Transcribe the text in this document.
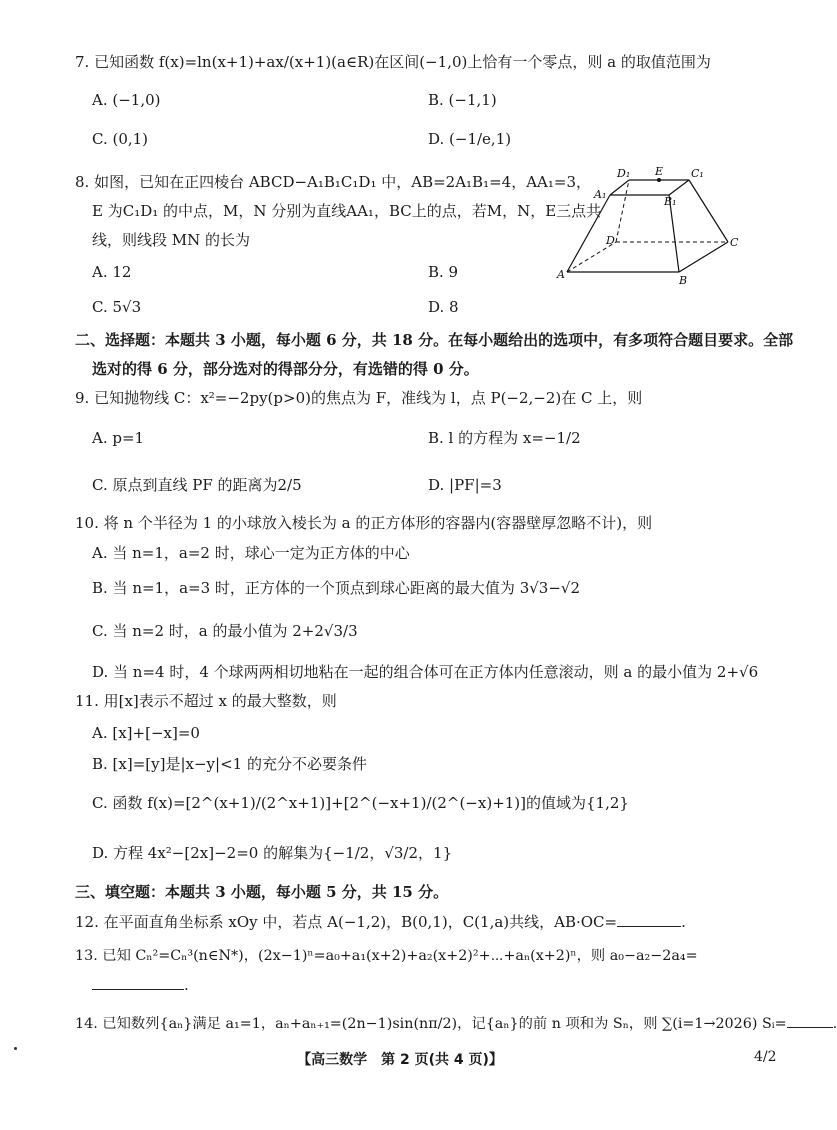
7. 已知函数 f(x)=ln(x+1)+ax/(x+1)(a∈R)在区间(−1,0)上恰有一个零点，则 a 的取值范围为
A. (−1,0)	B. (−1,1)
C. (0,1)	D. (−1/e,1)
8. 如图，已知在正四棱台 ABCD−A₁B₁C₁D₁ 中，AB=2A₁B₁=4，AA₁=3，
E 为C₁D₁ 的中点，M，N 分别为直线AA₁，BC上的点，若M，N，E三点共
线，则线段 MN 的长为
A. 12	B. 9
C. 5√3	D. 8
D₁ E	C₁
A₁
B₁
D	C
A	B
二、选择题：本题共 3 小题，每小题 6 分，共 18 分。在每小题给出的选项中，有多项符合题目要求。全部
选对的得 6 分，部分选对的得部分分，有选错的得 0 分。
9. 已知抛物线 C：x²=−2py(p>0)的焦点为 F，准线为 l，点 P(−2,−2)在 C 上，则
A. p=1	B. l 的方程为 x=−1/2
C. 原点到直线 PF 的距离为2/5	D. |PF|=3
10. 将 n 个半径为 1 的小球放入棱长为 a 的正方体形的容器内(容器壁厚忽略不计)，则
A. 当 n=1，a=2 时，球心一定为正方体的中心
B. 当 n=1，a=3 时，正方体的一个顶点到球心距离的最大值为 3√3−√2
C. 当 n=2 时，a 的最小值为 2+2√3/3
D. 当 n=4 时，4 个球两两相切地粘在一起的组合体可在正方体内任意滚动，则 a 的最小值为 2+√6
11. 用[x]表示不超过 x 的最大整数，则
A. [x]+[−x]=0
B. [x]=[y]是|x−y|<1 的充分不必要条件
C. 函数 f(x)=[2^(x+1)/(2^x+1)]+[2^(−x+1)/(2^(−x)+1)]的值域为{1,2}
D. 方程 4x²−[2x]−2=0 的解集为{−1/2，√3/2，1}
三、填空题：本题共 3 小题，每小题 5 分，共 15 分。
12. 在平面直角坐标系 xOy 中，若点 A(−1,2)，B(0,1)，C(1,a)共线，AB·OC=	.
13. 已知 Cₙ²=Cₙ³(n∈N*)，(2x−1)ⁿ=a₀+a₁(x+2)+a₂(x+2)²+⋯+aₙ(x+2)ⁿ，则 a₀−a₂−2a₄=
.
14. 已知数列{aₙ}满足 a₁=1，aₙ+aₙ₊₁=(2n−1)sin(nπ/2)，记{aₙ}的前 n 项和为 Sₙ，则 ∑(i=1→2026) Sᵢ=	.
【高三数学　第 2 页(共 4 页)】	4/2
